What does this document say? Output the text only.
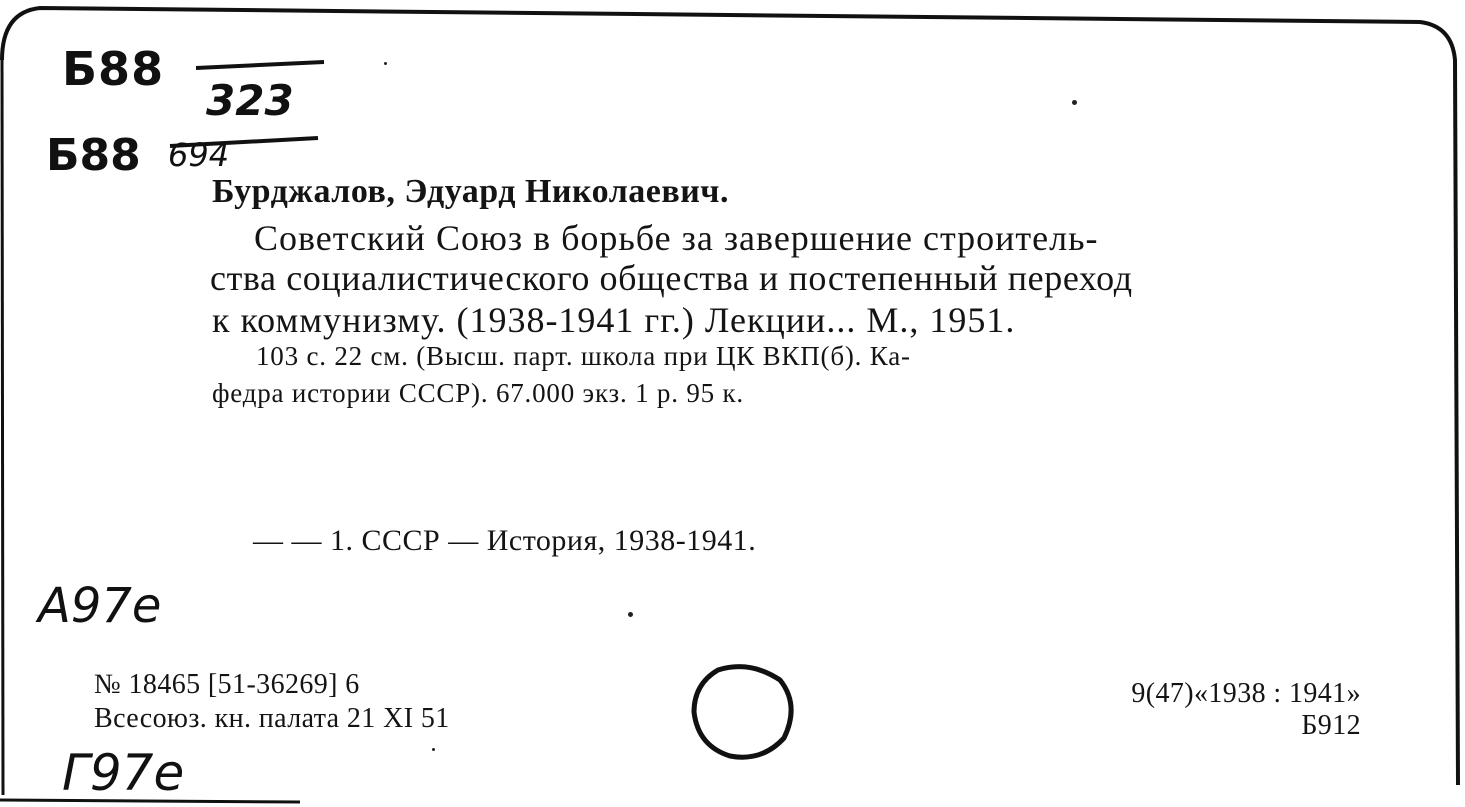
Б88
323
Б88 694
Бурджалов, Эдуард Николаевич.
Советский Союз в борьбе за завершение строитель-
ства социалистического общества и постепенный переход
к коммунизму. (1938-1941 гг.) Лекции... М., 1951.
103 с. 22 см. (Высш. парт. школа при ЦК ВКП(б). Ка-
федра истории СССР). 67.000 экз. 1 р. 95 к.
— — 1. СССР — История, 1938-1941.
А97е
Г97е
№ 18465 [51-36269] 6
Всесоюз. кн. палата 21 XI 51
9(47)«1938 : 1941»
Б912
